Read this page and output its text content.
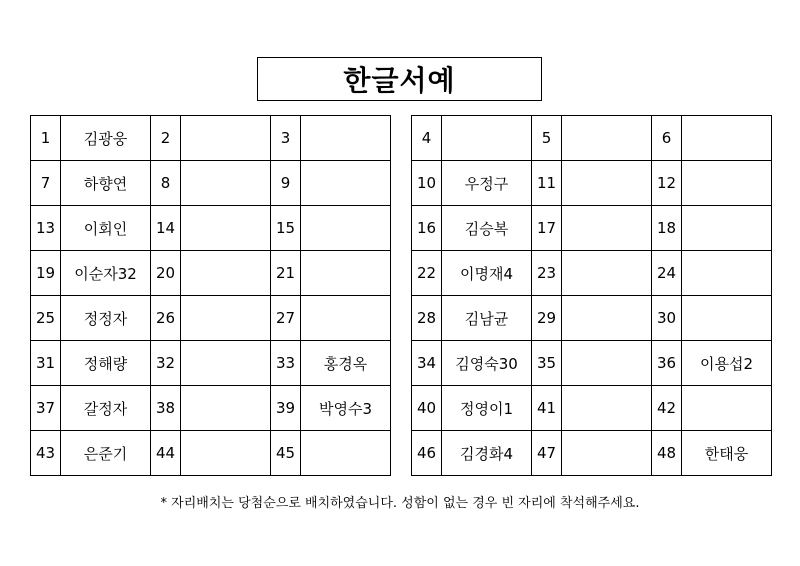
한글서예
1	김광웅	2		3	
7	하향연	8		9	
13	이회인	14		15	
19	이순자32	20		21	
25	정정자	26		27	
31	정해량	32		33	홍경옥
37	갈정자	38		39	박영수3
43	은준기	44		45	
4		5		6	
10	우정구	11		12	
16	김승복	17		18	
22	이명재4	23		24	
28	김남균	29		30	
34	김영숙30	35		36	이용섭2
40	정영이1	41		42	
46	김경화4	47		48	한태웅
* 자리배치는 당첨순으로 배치하였습니다. 성함이 없는 경우 빈 자리에 착석해주세요.
